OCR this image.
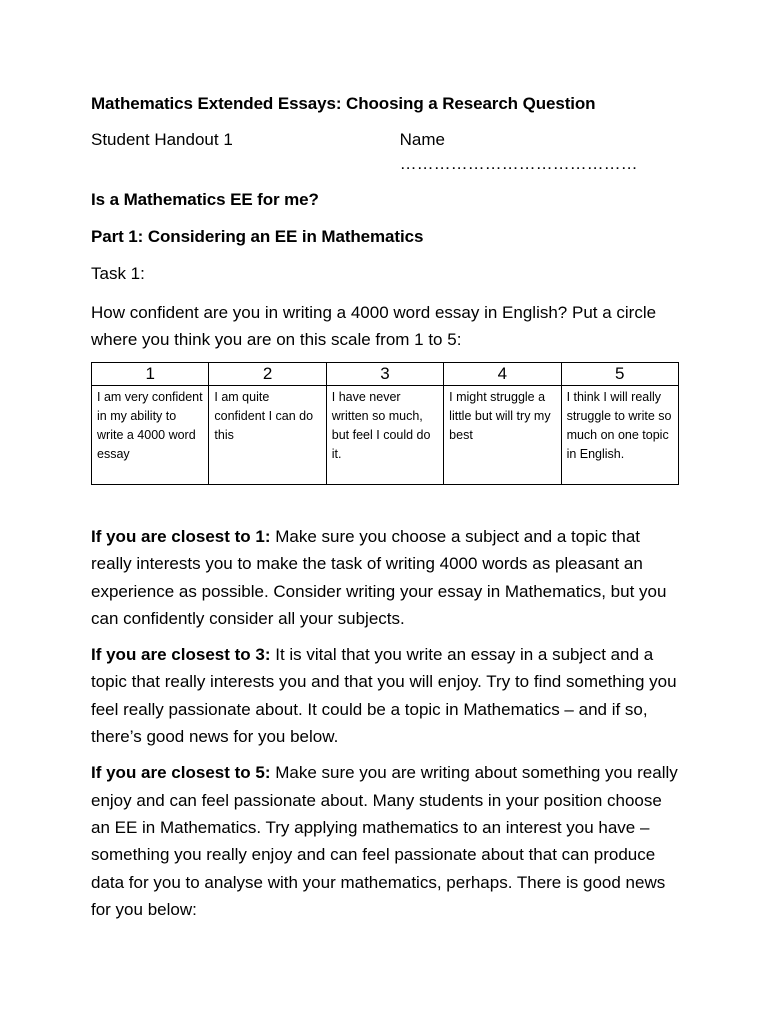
Mathematics Extended Essays: Choosing a Research Question
Student Handout 1	Name ……………………………………
Is a Mathematics EE for me?
Part 1: Considering an EE in Mathematics
Task 1:
How confident are you in writing a 4000 word essay in English? Put a circle where you think you are on this scale from 1 to 5:
1	2	3	4	5
I am very confident in my ability to write a 4000 word essay	I am quite confident I can do this	I have never written so much, but feel I could do it.	I might struggle a little but will try my best	I think I will really struggle to write so much on one topic in English.
If you are closest to 1: Make sure you choose a subject and a topic that really interests you to make the task of writing 4000 words as pleasant an experience as possible. Consider writing your essay in Mathematics, but you can confidently consider all your subjects.
If you are closest to 3: It is vital that you write an essay in a subject and a topic that really interests you and that you will enjoy. Try to find something you feel really passionate about. It could be a topic in Mathematics – and if so, there’s good news for you below.
If you are closest to 5: Make sure you are writing about something you really enjoy and can feel passionate about. Many students in your position choose an EE in Mathematics. Try applying mathematics to an interest you have – something you really enjoy and can feel passionate about that can produce data for you to analyse with your mathematics, perhaps. There is good news for you below:
